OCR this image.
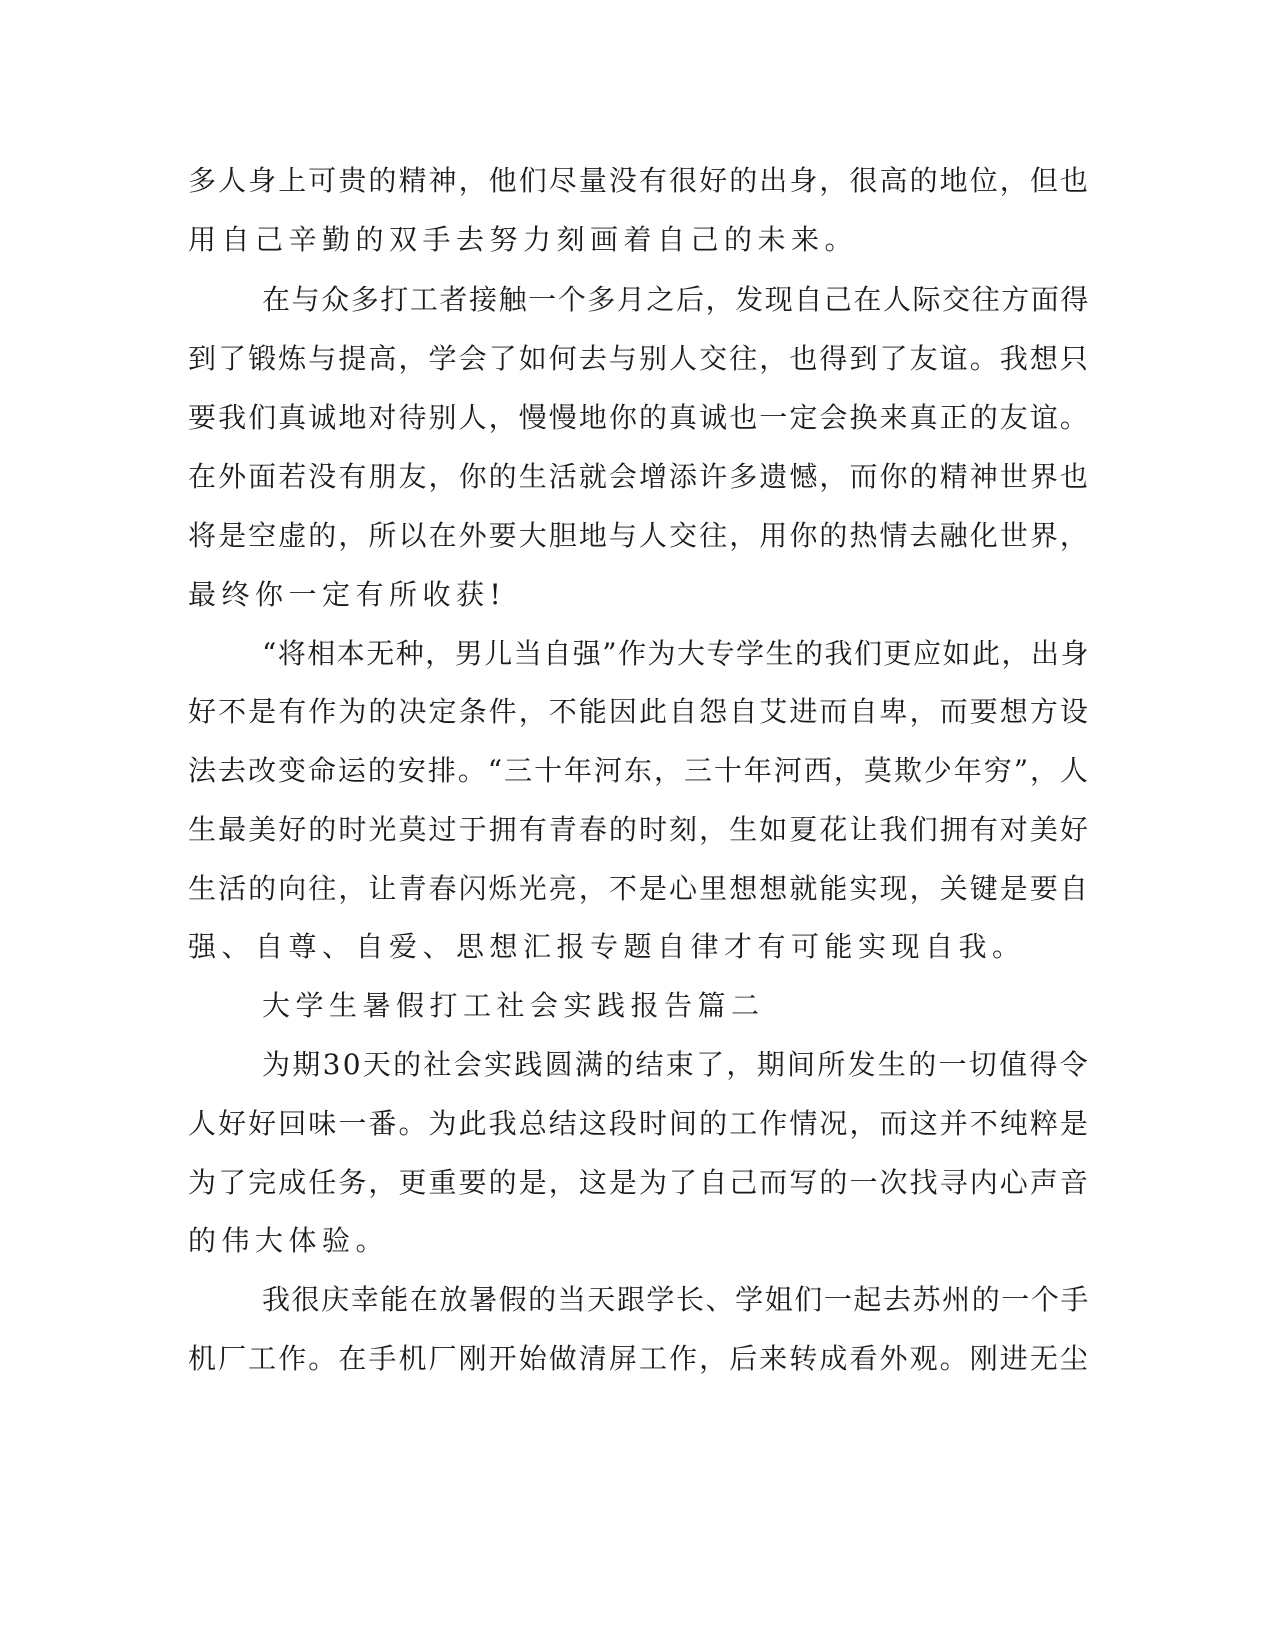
多人身上可贵的精神，他们尽量没有很好的出身，很高的地位，但也

用自己辛勤的双手去努力刻画着自己的未来。

在与众多打工者接触一个多月之后，发现自己在人际交往方面得

到了锻炼与提高，学会了如何去与别人交往，也得到了友谊。我想只

要我们真诚地对待别人，慢慢地你的真诚也一定会换来真正的友谊。

在外面若没有朋友，你的生活就会增添许多遗憾，而你的精神世界也

将是空虚的，所以在外要大胆地与人交往，用你的热情去融化世界，

最终你一定有所收获!

“将相本无种，男儿当自强”作为大专学生的我们更应如此，出身

好不是有作为的决定条件，不能因此自怨自艾进而自卑，而要想方设

法去改变命运的安排。“三十年河东，三十年河西，莫欺少年穷”，人

生最美好的时光莫过于拥有青春的时刻，生如夏花让我们拥有对美好

生活的向往，让青春闪烁光亮，不是心里想想就能实现，关键是要自

强、自尊、自爱、思想汇报专题自律才有可能实现自我。

大学生暑假打工社会实践报告篇二

为期30天的社会实践圆满的结束了，期间所发生的一切值得令

人好好回味一番。为此我总结这段时间的工作情况，而这并不纯粹是

为了完成任务，更重要的是，这是为了自己而写的一次找寻内心声音

的伟大体验。

我很庆幸能在放暑假的当天跟学长、学姐们一起去苏州的一个手

机厂工作。在手机厂刚开始做清屏工作，后来转成看外观。刚进无尘
